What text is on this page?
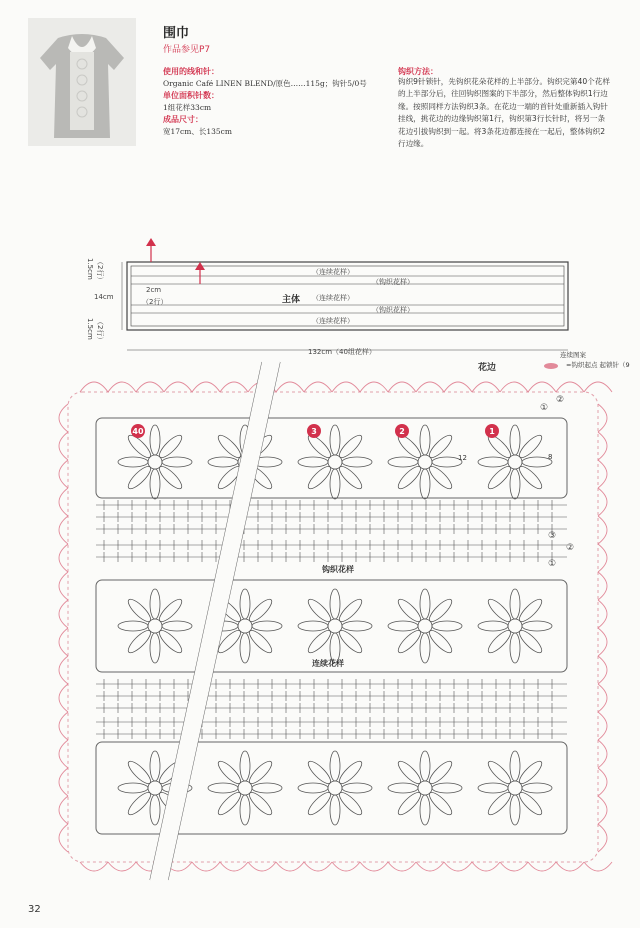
围巾
作品参见P7
使用的线和针：
Organic Café LINEN BLEND/原色……115g；钩针5/0号
单位面积针数：
1组花样33cm
成品尺寸：
宽17cm、长135cm
钩织方法：
钩织9针锁针，先钩织花朵花样的上半部分。钩织完第40个花样的上半部分后，往回钩织图案的下半部分，然后整体钩织1行边缘。按照同样方法钩织3条。在花边一端的首针处重新插入钩针挂线，挑花边的边缘钩织第1行，钩织第3行长针时，将另一条花边引拔钩织到一起。将3条花边都连接在一起后，整体钩织2行边缘。
（2行）
1.5cm
14cm
1.5cm （2行）
2cm
（2行）
（连续花样）
（钩织花样）
（连续花样）
（钩织花样）
（连续花样）
132cm（40组花样）
主体
花边
连续图案
=钩织起点 起锁针（9
12	8
钩织花样
连续花样
40	3	2	1
①
②
③
②
①
32
